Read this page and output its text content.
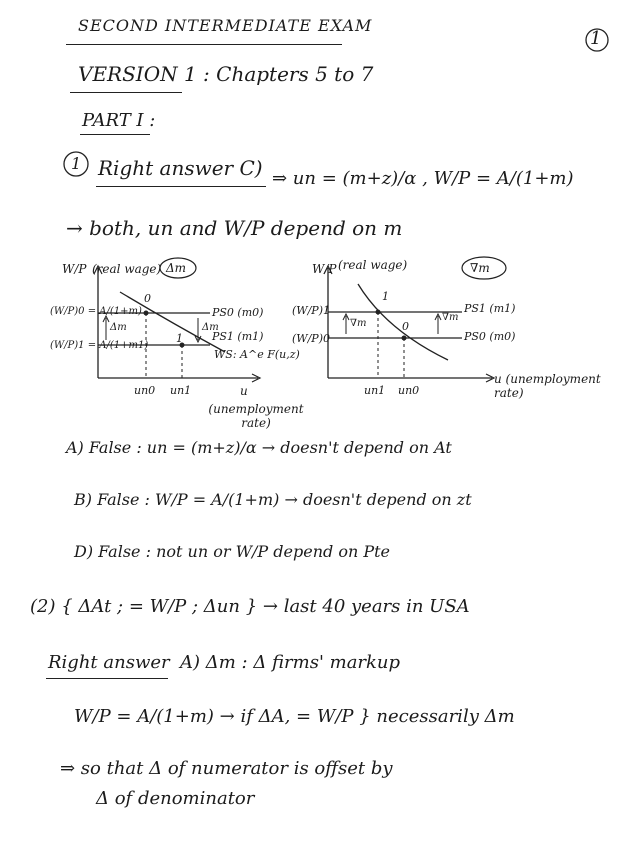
SECOND INTERMEDIATE EXAM
1
VERSION 1 : Chapters 5 to 7
PART I :
1 Right answer C) ⇒ un = (m+z)/α , W/P = A/(1+m)
→ both, un and W/P depend on m
W/P (real wage) Δm
(W/P)0 = A/(1+m)
(W/P)1 = A/(1+m1)
0
1
PS0 (m0)
PS1 (m1)
WS: A^e F(u,z)
Δm	Δm
un0 un1	u
(unemployment rate)
W/P (real wage)	∇m
(W/P)1
(W/P)0
1
0
PS1 (m1)
PS0 (m0)
∇m
∇m
un1 un0
u (unemployment rate)
A) False : un = (m+z)/α → doesn't depend on At
B) False : W/P = A/(1+m) → doesn't depend on zt
D) False : not un or W/P depend on Pte
(2) { ΔAt ; = W/P ; Δun } → last 40 years in USA
Right answer A) Δm : Δ firms' markup
W/P = A/(1+m) → if ΔA, = W/P } necessarily Δm
⇒ so that Δ of numerator is offset by
Δ of denominator
